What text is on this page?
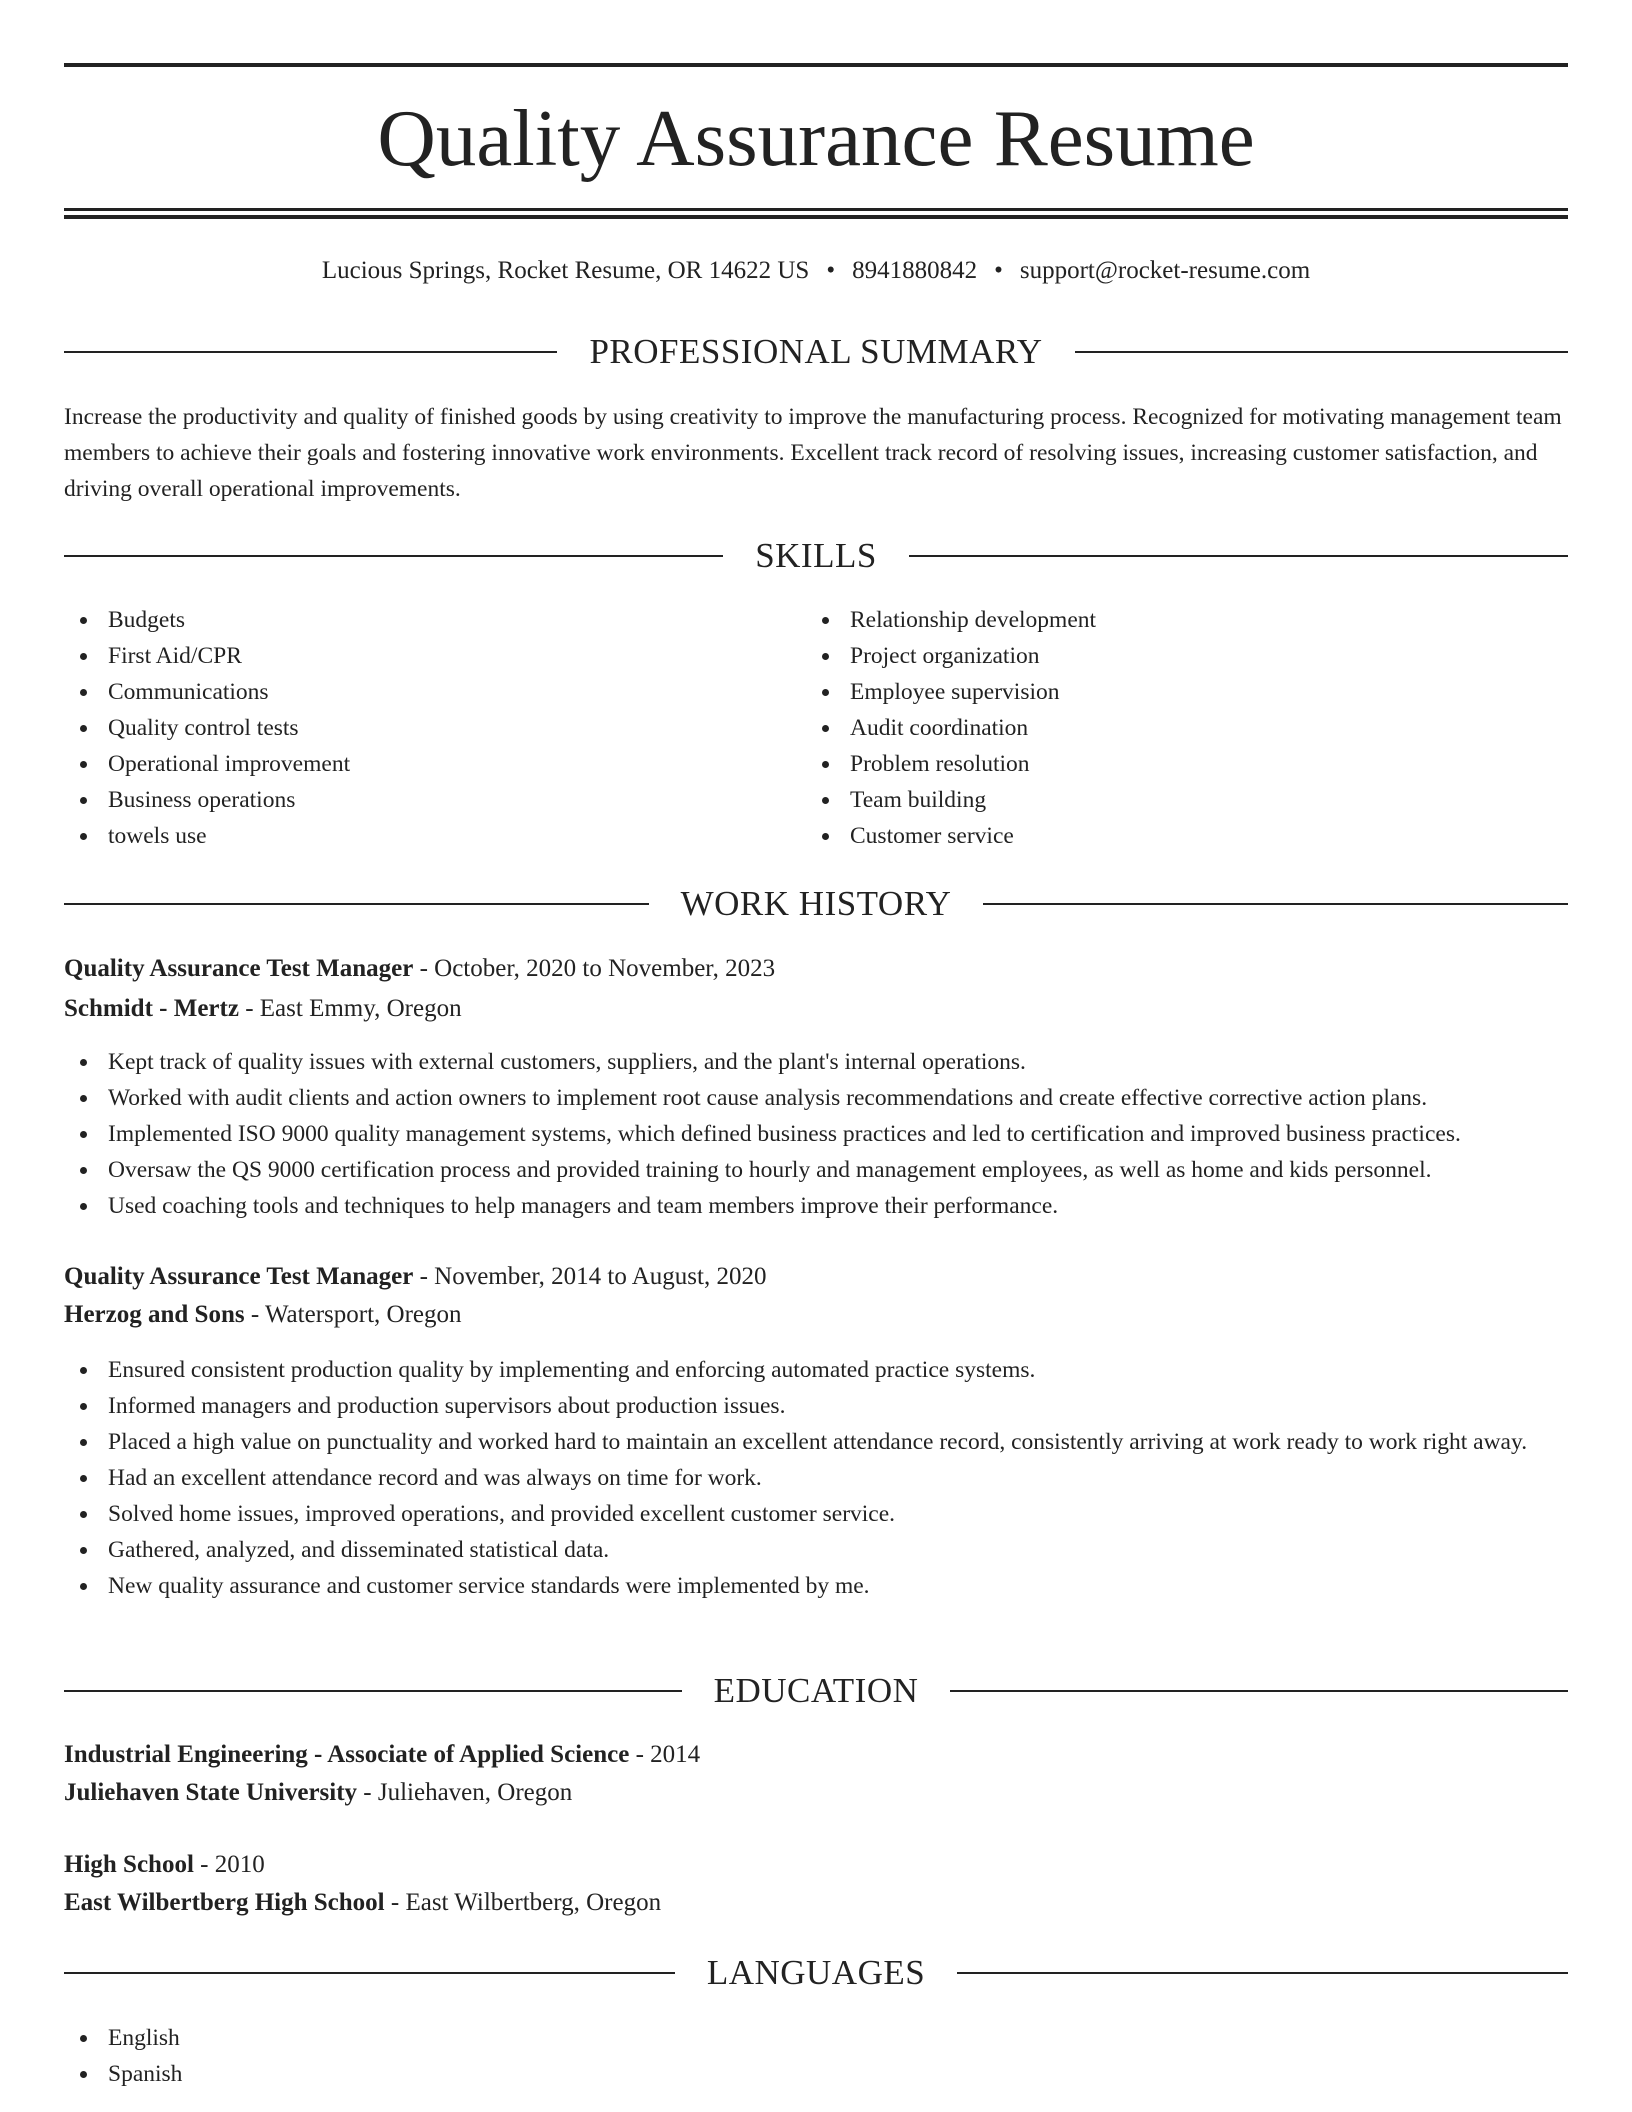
Quality Assurance Resume
Lucious Springs, Rocket Resume, OR 14622 US • 8941880842 • support@rocket-resume.com
PROFESSIONAL SUMMARY
Increase the productivity and quality of finished goods by using creativity to improve the manufacturing process. Recognized for motivating management team members to achieve their goals and fostering innovative work environments. Excellent track record of resolving issues, increasing customer satisfaction, and driving overall operational improvements.
SKILLS
Budgets
First Aid/CPR
Communications
Quality control tests
Operational improvement
Business operations
towels use
Relationship development
Project organization
Employee supervision
Audit coordination
Problem resolution
Team building
Customer service
WORK HISTORY
Quality Assurance Test Manager - October, 2020 to November, 2023
Schmidt - Mertz - East Emmy, Oregon
Kept track of quality issues with external customers, suppliers, and the plant's internal operations.
Worked with audit clients and action owners to implement root cause analysis recommendations and create effective corrective action plans.
Implemented ISO 9000 quality management systems, which defined business practices and led to certification and improved business practices.
Oversaw the QS 9000 certification process and provided training to hourly and management employees, as well as home and kids personnel.
Used coaching tools and techniques to help managers and team members improve their performance.
Quality Assurance Test Manager - November, 2014 to August, 2020
Herzog and Sons - Watersport, Oregon
Ensured consistent production quality by implementing and enforcing automated practice systems.
Informed managers and production supervisors about production issues.
Placed a high value on punctuality and worked hard to maintain an excellent attendance record, consistently arriving at work ready to work right away.
Had an excellent attendance record and was always on time for work.
Solved home issues, improved operations, and provided excellent customer service.
Gathered, analyzed, and disseminated statistical data.
New quality assurance and customer service standards were implemented by me.
EDUCATION
Industrial Engineering - Associate of Applied Science - 2014
Juliehaven State University - Juliehaven, Oregon
High School - 2010
East Wilbertberg High School - East Wilbertberg, Oregon
LANGUAGES
English
Spanish
